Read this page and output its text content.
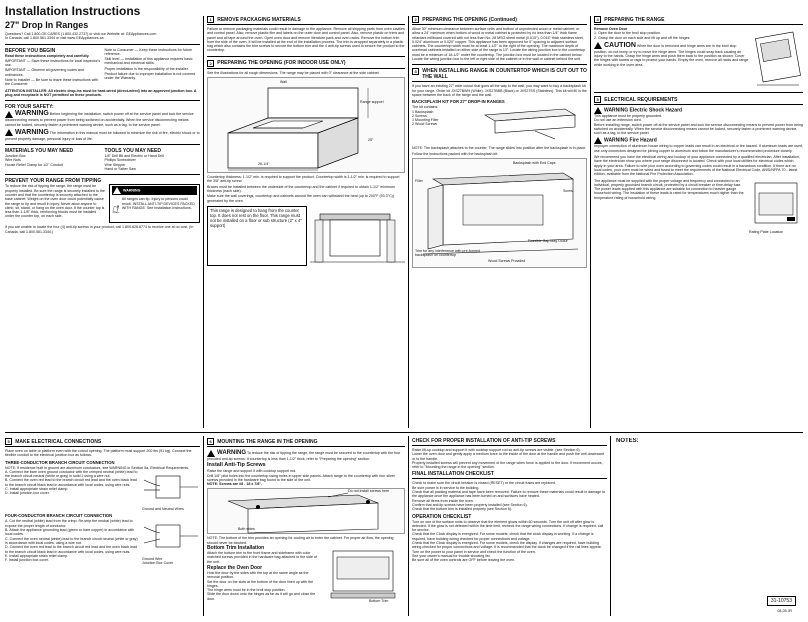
Installation Instructions
27" Drop In Ranges
Questions? Call 1.800.GE.CARES (1.800.432.2737) or visit our Website at: GEAppliances.com
In Canada, call 1.800.561.3344 or visit www.GEAppliances.ca
BEFORE YOU BEGIN
Read these instructions completely and carefully.
IMPORTANT — Save these instructions for local inspector's use.
IMPORTANT — Observe all governing codes and ordinances.
Note to Installer — Be sure to leave these instructions with the Consumer.
Note to Consumer — Keep these instructions for future reference.
Skill level — Installation of this appliance requires basic mechanical and electrical skills.
Proper installation is the responsibility of the installer.
Product failure due to improper installation is not covered under the Warranty.
ATTENTION INSTALLER: All electric drop-ins must be hard-wired (direct-wired) into an approved junction box. A plug and receptacle is NOT permitted on these products.
FOR YOUR SAFETY:
WARNING Before beginning the installation, switch power off at the service panel and lock the service disconnecting means to prevent power from being switched on accidentally. When the service disconnecting means cannot be locked, securely fasten a prominent warning device, such as a tag, to the service panel.
WARNING The information in this manual must be followed to minimize the risk of fire, electric shock or to prevent property damage, personal injury or loss of life.
MATERIALS YOU MAY NEED
Junction Box
Wire Nuts
House Relief Clamp for 1/2" Conduit
TOOLS YOU MAY NEED
1/8" Drill Bit and Electric or Hand Drill
Phillips Screwdriver
Wire Stripper
Hand or Saber Saw
PREVENT YOUR RANGE FROM TIPPING
To reduce the risk of tipping the range, the range must be properly installed. Be sure the range is securely installed to the counter and that the countertop is securely attached to the base cabinet. Weight on the oven door could potentially cause the range to tip and result in injury. Never allow anyone to climb, sit, stand, or hang on the oven door. If the counter top is less than 1-1/8" thick, reinforcing blocks must be installed under the counter top, on each side.
WARNING
All ranges can tip. Injury to persons could result. INSTALL ANTI-TIP DEVICES PACKED WITH RANGE. See Installation Instructions.
If you are unable to locate the four (4) anti-tip screws in your product, call 1.800.626.8774 to receive one at no cost. (In Canada, call 1.800.561.3344.)
1	REMOVE PACKAGING MATERIALS
Failure to remove packaging materials could result in damage to the appliance. Remove all shipping parts from oven cavities and control panel. Also, remove plastic film and labels on the outer door and control panel. Also, remove plastic on trims and panel and all tape around the oven. Open oven door and remove literature pack and oven racks. Remove the bottom trim from the side of the oven. It will be installed at the end of the installation process. The trim is wrapped separately in a plastic bag which also contains the trim screws to secure the bottom trim and the 4 anti-tip screws used to secure the product to the countertop.
2	PREPARING THE OPENING (FOR INDOOR USE ONLY)
See the illustrations for all rough dimensions. The range may be placed with 0" clearance at the side cabinet.
Wall
Range support
26-1/4"
25"
Countertop thickness: 1-1/2" min. is required to support the product. Countertop width is 1-1/2" min. is required to support the 3/8" anti-tip screw.
Braces must be installed between the underside of the countertop and the cabinet if required to obtain 1-1/2" minimum thickness (each side).
Make sure the wall coverings, countertop and cabinets around the oven can withstand the heat (up to 200°F (93.3°C)) generated by the oven.
This range is designed to hang from the counter top. It does not rest on the floor. This range must not be installed on a floor or sub structure (2" x 4" support)
2	PREPARING THE OPENING (Continued)
Allow 30" minimum clearance between surface units and bottom of unprotected wood or metal cabinet; or allow a 24" minimum when bottom of wood or metal cabinet is protected by no less than 1/4" thick flame retardant millboard covered with not less than No. 28 MSG sheet metal (0.015"), 0.015" thick stainless steel, 0.024" aluminum or 0.020" copper. This appliance has been approved for 0" spacing to adjacent surface cabinets. The countertop width must be at least 1-1/2" to the right of the opening. The maximum depth of overhead cabinets installed on either side of the range is 13". Locate the wiring junction box in the countertop must be a minimum of 18-1/2" under the countertop. The junction box must be located in the cabinet below. Locate the wiring junction box to the left or right side of the cabinet or in the wall or cabinet behind the unit.
3	WHEN INSTALLING RANGE IN COUNTERTOP WHICH IS CUT OUT TO THE WALL
If you have an existing 27" wide cutout that goes all the way to the wall, you may want to buy a backsplash kit for your range. Order kit JXS27BWH (White), JXS27BBB (Black) or JXS27SS (Stainless). This kit will fill in the space between the back of the range and the wall.
BACKSPLASH KIT FOR 27" DROP-IN RANGES
The kit contains:
1 Backsplash
2 Screws
1 Mounting Filler
2 Wood Screws
NOTE: The backsplash attaches to the counter. The range slides into position after the backsplash is in place.
Follow the instructions packed with the backsplash kit.
Backsplash with End Caps
Filler
Screw
Trim for any interference with pre-formed backsplash on countertop
Wood Screws Provided
Possible Gap May Occur
4	PREPARING THE RANGE
Remove Oven Door
1. Open the door to the broil stop position.
2. Grasp the door on each side and lift up and off the hinges.
CAUTION When the door is removed and hinge arms are in the broil stop position, do not bump or try to move the hinge arms. The hinges could snap back causing an injury to the hands. Grasp the hinge arms and push them back to the position as shown. Cover the hinges with towels or rags to protect your hands. Empty the oven, remove all racks and range while working in the oven area.
5	ELECTRICAL REQUIREMENTS
WARNING Electric Shock Hazard
This appliance must be properly grounded.
Do not use an extension cord.
Before installing range, switch power off at the service panel and lock the service disconnecting means to prevent power from being switched on accidentally. When the service disconnecting means cannot be locked, securely fasten a prominent warning device, such as a tag, to the service panel.
WARNING Fire Hazard
Improper connection of aluminum house wiring to copper leads can result in an electrical or fire hazard. If aluminum leads are used, use only connectors designed for joining copper to aluminum and follow the manufacturer's recommended procedure closely.
We recommend you have the electrical wiring and hookup of your appliance connected by a qualified electrician. After installation, have the electrician show you where your range disconnect is located. Check with your local utilities for electrical codes which apply in your area. Failure to wire your oven according to governing codes could result in a hazardous condition. If there are no local codes, your oven must be wired and fused to meet the requirements of the National Electrical Code, ANSI/NFPA 70 - latest edition, available from the National Fire Protection Association.
The appliance must be supplied with the proper voltage and frequency and connected to an individual, properly grounded branch circuit, protected by a circuit breaker or time-delay fuse. The power leads supplied with this appliance are suitable for connection to heavier gauge household wiring. The insulation of these leads is rated for temperatures much higher than the temperature rating of household wiring.
Rating Plate Location
5	MAKE ELECTRICAL CONNECTIONS
Place oven on table or platform even with the cutout opening. The platform must support 200 lbs (91 kg). Connect the flexible conduit to the electrical junction box as follows.
THREE-CONDUCTOR BRANCH CIRCUIT CONNECTION
NOTE: If residence built in ground are aluminum conductors, see WARNING in Section 5a, Electrical Requirements.
A. Connect the bare oven ground conductor with the crimped neutral (white) lead to the branch circuit neutral (white or gray) in solid J using a wire nut.
B. Connect the oven red lead to the branch circuit red lead and the oven black lead to the branch circuit black lead in accordance with local codes, using wire nuts.
C. Install appropriate strain relief clamp.
D. Install junction box cover.
Ground and Neutral Wires
FOUR-CONDUCTOR BRANCH CIRCUIT CONNECTION
A. Cut the neutral (white) lead from the crimp. Re-strip the neutral (white) lead to expose the proper length of conductor.
B. Attach the appliance grounding lead (green or bare copper) in accordance with local codes.
C. Connect the oven neutral (white) lead to the branch circuit neutral (white or gray) in accordance with local codes, using a wire nut.
D. Connect the oven red lead to the branch circuit red lead and the oven black lead to the branch circuit black lead in accordance with local codes, using wire nuts.
E. Install appropriate strain relief clamp.
F. Install junction box cover.	Ground Wire
Junction Box Cover
6	MOUNTING THE RANGE IN THE OPENING
WARNING To reduce the risk of tipping the range, the range must be secured to the countertop with the four provided anti-tip screws. If countertop is less than 1-1/2" thick, refer to "Preparing the opening" section.
Install Anti-Tip Screws
Raise the range and support it with cooktop support rod.
Drill 1/8" pilot holes into the countertop using holes in upper side panels. Attach range to the countertop with four silver screws provided in the hardware bag found to the side of the unit.
NOTE: Screws are #8 - 18 x 7/8".
Do not install screws here
Both sides
NOTE: The bottom of the trim provides an opening for cooling air to enter the cabinet. For proper air flow, the opening should never be blocked.
Bottom Trim Installation
Attach the bottom trim to the front frame and sideframe with color matched screws provided in the hardware bag attached to the side of the unit.
Replace the Oven Door
Hold the door by the sides with the top at the same angle as the removal position.
Set the door on the slots at the bottom of the door lined up with the hinges.
The hinge arms must be in the broil stop position.
Slide the door down onto the hinges as far as it will go and close the door.
Bottom Trim
CHECK FOR PROPER INSTALLATION OF ANTI-TIP SCREWS
Raise lift-up cooktop and support it with cooktop support rod so anti-tip screws are visible. (see Section 6).
Lower the oven door and gently apply a medium force to the inside of the door at the handle and push the unit downward or to the handle.
Properly installed screws will prevent any movement of the range when force is applied to the door. If movement occurs, refer to "Mounting the range in the opening" section.
FINAL INSTALLATION CHECKLIST
Check to make sure the circuit breaker is closed (RESET) or the circuit fuses are replaced.
Be sure power is in service to the building.
Check that all packing material and tape have been removed. Failure to remove these materials could result in damage to the appliance once the appliance has been turned on and surfaces have heated.
Remove all items from inside the oven.
Confirm that anti-tip screws have been properly installed (see Section 6).
Check that the bottom trim is installed properly (see Section 6).
OPERATION CHECKLIST
Turn on one of the surface units to observe that the element glows within 60 seconds. Turn the unit off after glow is detected. If the glow is not detected within the time limit, recheck the range wiring connections. If change is required, call for service.
Check that the Clock display is energized. For some models, check that the clock display is working. If a change is required, have building wiring checked for proper connections and voltage.
Check that the Clock display is energized. For some models, check the display. If changes are required, have building wiring checked for proper connections and voltage. It is recommended that the clock be changed if the rail lines appear.
Turn on the power to your panel in service and check the function of the oven.
See your owner's manual for trouble shooting list.
Be sure all of the oven controls are OFF before leaving the oven.
NOTES:
31-10753
08-05 JR
